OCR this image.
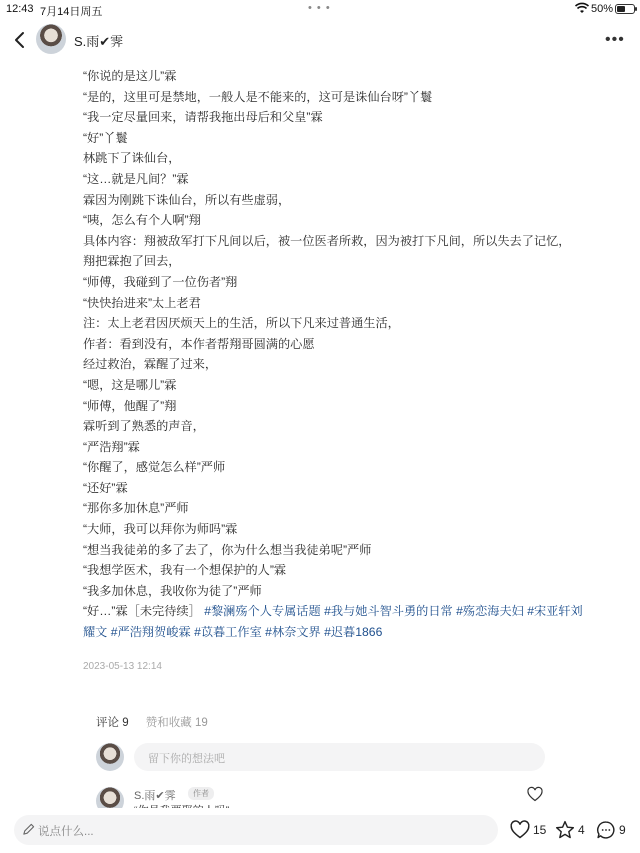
12:43 7月14日周五	• • •	50%
S.雨✔霁	•••
“你说的是这儿”霖
“是的，这里可是禁地，一般人是不能来的，这可是诛仙台呀”丫鬟
“我一定尽量回来，请帮我拖出母后和父皇”霖
“好”丫鬟
林跳下了诛仙台，
“这…就是凡间？”霖
霖因为刚跳下诛仙台，所以有些虚弱，
“咦，怎么有个人啊”翔
具体内容：翔被敌军打下凡间以后，被一位医者所救，因为被打下凡间，所以失去了记忆，
翔把霖抱了回去，
“师傅，我碰到了一位伤者”翔
“快快抬进来”太上老君
注：太上老君因厌烦天上的生活，所以下凡来过普通生活，
作者：看到没有，本作者帮翔哥圆满的心愿
经过救治，霖醒了过来，
“嗯，这是哪儿”霖
“师傅，他醒了”翔
霖听到了熟悉的声音，
“严浩翔”霖
“你醒了，感觉怎么样”严师
“还好”霖
“那你多加休息”严师
“大师，我可以拜你为师吗”霖
“想当我徒弟的多了去了，你为什么想当我徒弟呢”严师
“我想学医术，我有一个想保护的人”霖
“我多加休息，我收你为徒了”严师
“好…”霖［未完待续］ #黎澜殇个人专属话题 #我与她斗智斗勇的日常 #殇恋海夫妇 #宋亚轩刘耀文 #严浩翔贺峻霖 #苡暮工作室 #林奈文界 #迟暮1866
2023-05-13 12:14
评论 9 赞和收藏 19
留下你的想法吧
S.雨✔霁	作者
说点什么...	15	4	9
